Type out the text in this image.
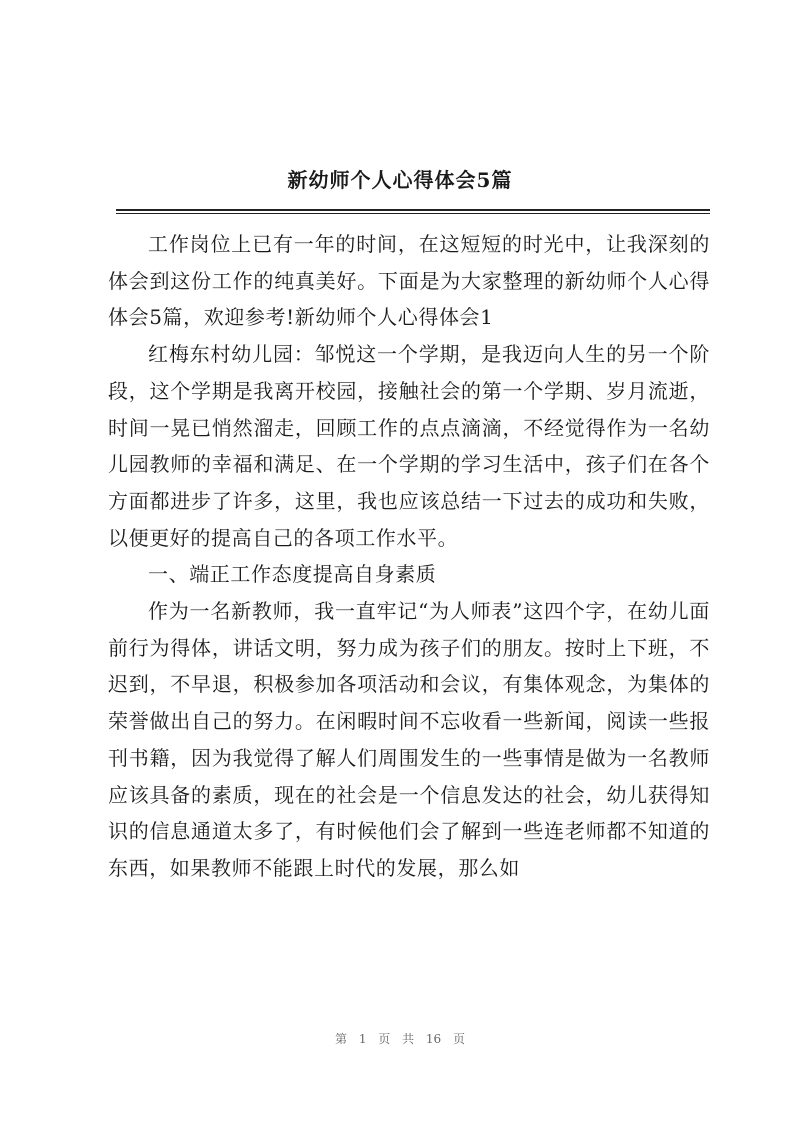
新幼师个人心得体会5篇

工作岗位上已有一年的时间，在这短短的时光中，让我深刻的体会到这份工作的纯真美好。下面是为大家整理的新幼师个人心得体会5篇，欢迎参考!新幼师个人心得体会1

红梅东村幼儿园：邹悦这一个学期，是我迈向人生的另一个阶段，这个学期是我离开校园，接触社会的第一个学期、岁月流逝，时间一晃已悄然溜走，回顾工作的点点滴滴，不经觉得作为一名幼儿园教师的幸福和满足、在一个学期的学习生活中，孩子们在各个方面都进步了许多，这里，我也应该总结一下过去的成功和失败，以便更好的提高自己的各项工作水平。

一、端正工作态度提高自身素质

作为一名新教师，我一直牢记“为人师表”这四个字，在幼儿面前行为得体，讲话文明，努力成为孩子们的朋友。按时上下班，不迟到，不早退，积极参加各项活动和会议，有集体观念，为集体的荣誉做出自己的努力。在闲暇时间不忘收看一些新闻，阅读一些报刊书籍，因为我觉得了解人们周围发生的一些事情是做为一名教师应该具备的素质，现在的社会是一个信息发达的社会，幼儿获得知识的信息通道太多了，有时候他们会了解到一些连老师都不知道的东西，如果教师不能跟上时代的发展，那么如

第 1 页 共 16 页
